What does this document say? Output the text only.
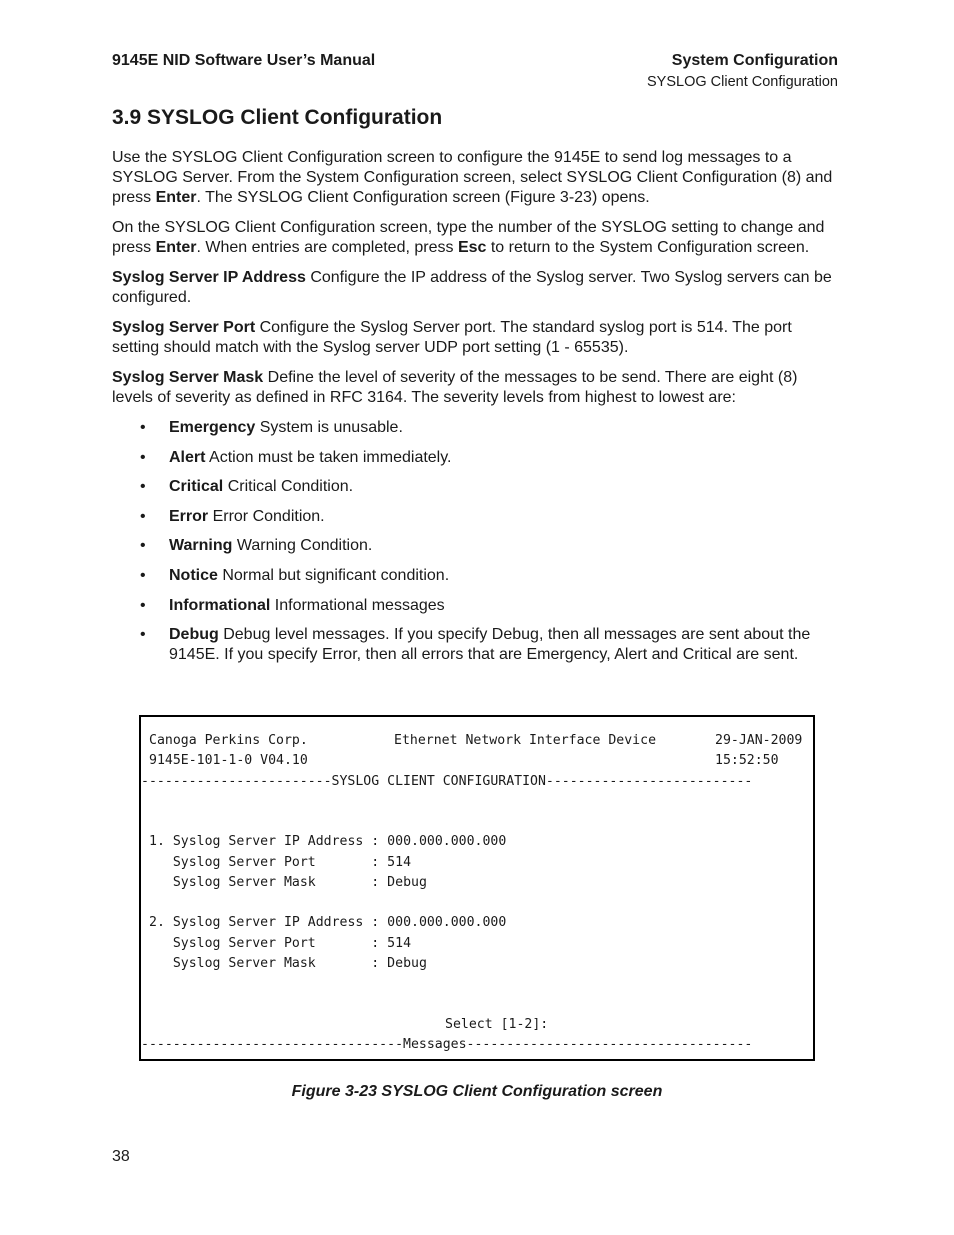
9145E NID Software User’s Manual	System Configuration
SYSLOG Client Configuration
3.9 SYSLOG Client Configuration

Use the SYSLOG Client Configuration screen to configure the 9145E to send log messages to a SYSLOG Server. From the System Configuration screen, select SYSLOG Client Configuration (8) and press Enter. The SYSLOG Client Configuration screen (Figure 3-23) opens.

On the SYSLOG Client Configuration screen, type the number of the SYSLOG setting to change and press Enter. When entries are completed, press Esc to return to the System Configuration screen.

Syslog Server IP Address Configure the IP address of the Syslog server. Two Syslog servers can be configured.

Syslog Server Port Configure the Syslog Server port. The standard syslog port is 514. The port setting should match with the Syslog server UDP port setting (1 - 65535).

Syslog Server Mask Define the level of severity of the messages to be send. There are eight (8) levels of severity as defined in RFC 3164. The severity levels from highest to lowest are:

• Emergency System is unusable.
• Alert Action must be taken immediately.
• Critical Critical Condition.
• Error Error Condition.
• Warning Warning Condition.
• Notice Normal but significant condition.
• Informational Informational messages
• Debug Debug level messages. If you specify Debug, then all messages are sent about the 9145E. If you specify Error, then all errors that are Emergency, Alert and Critical are sent.
Canoga Perkins Corp.	Ethernet Network Interface Device	29-JAN-2009
9145E-101-1-0 V04.10	15:52:50
------------------------SYSLOG CLIENT CONFIGURATION--------------------------
1. Syslog Server IP Address : 000.000.000.000
Syslog Server Port       : 514
Syslog Server Mask       : Debug
2. Syslog Server IP Address : 000.000.000.000
Syslog Server Port       : 514
Syslog Server Mask       : Debug
Select [1-2]:
---------------------------------Messages------------------------------------
Figure 3-23 SYSLOG Client Configuration screen
38
